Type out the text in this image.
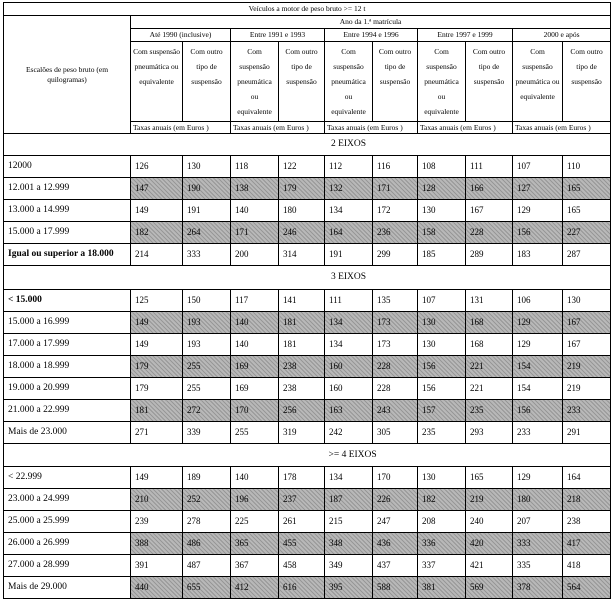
Veículos a motor de peso bruto >= 12 t										
Escalões de peso bruto (em quilogramas)	Ano da 1.ª matrícula									
	Até 1990 (inclusive)		Entre 1991 e 1993		Entre 1994 e 1996		Entre 1997 e 1999		2000 e após	
	Com suspensão pneumática ou equivalente	Com outro tipo de suspensão	Com suspensão pneumática ou equivalente	Com outro tipo de suspensão	Com suspensão pneumática ou equivalente	Com outro tipo de suspensão	Com suspensão pneumática ou equivalente	Com outro tipo de suspensão	Com suspensão pneumática ou equivalente	Com outro tipo de suspensão
	Taxas anuais (em Euros )		Taxas anuais (em Euros )		Taxas anuais (em Euros )		Taxas anuais (em Euros )		Taxas anuais (em Euros )	
					2 EIXOS					
12000	126	130	118	122	112	116	108	111	107	110
12.001 a 12.999	147	190	138	179	132	171	128	166	127	165
13.000 a 14.999	149	191	140	180	134	172	130	167	129	165
15.000 a 17.999	182	264	171	246	164	236	158	228	156	227
Igual ou superior a 18.000	214	333	200	314	191	299	185	289	183	287
					3 EIXOS					
< 15.000	125	150	117	141	111	135	107	131	106	130
15.000 a 16.999	149	193	140	181	134	173	130	168	129	167
17.000 a 17.999	149	193	140	181	134	173	130	168	129	167
18.000 a 18.999	179	255	169	238	160	228	156	221	154	219
19.000 a 20.999	179	255	169	238	160	228	156	221	154	219
21.000 a 22.999	181	272	170	256	163	243	157	235	156	233
Mais de 23.000	271	339	255	319	242	305	235	293	233	291
					>= 4 EIXOS					
< 22.999	149	189	140	178	134	170	130	165	129	164
23.000 a 24.999	210	252	196	237	187	226	182	219	180	218
25.000 a 25.999	239	278	225	261	215	247	208	240	207	238
26.000 a 26.999	388	486	365	455	348	436	336	420	333	417
27.000 a 28.999	391	487	367	458	349	437	337	421	335	418
Mais de 29.000	440	655	412	616	395	588	381	569	378	564
